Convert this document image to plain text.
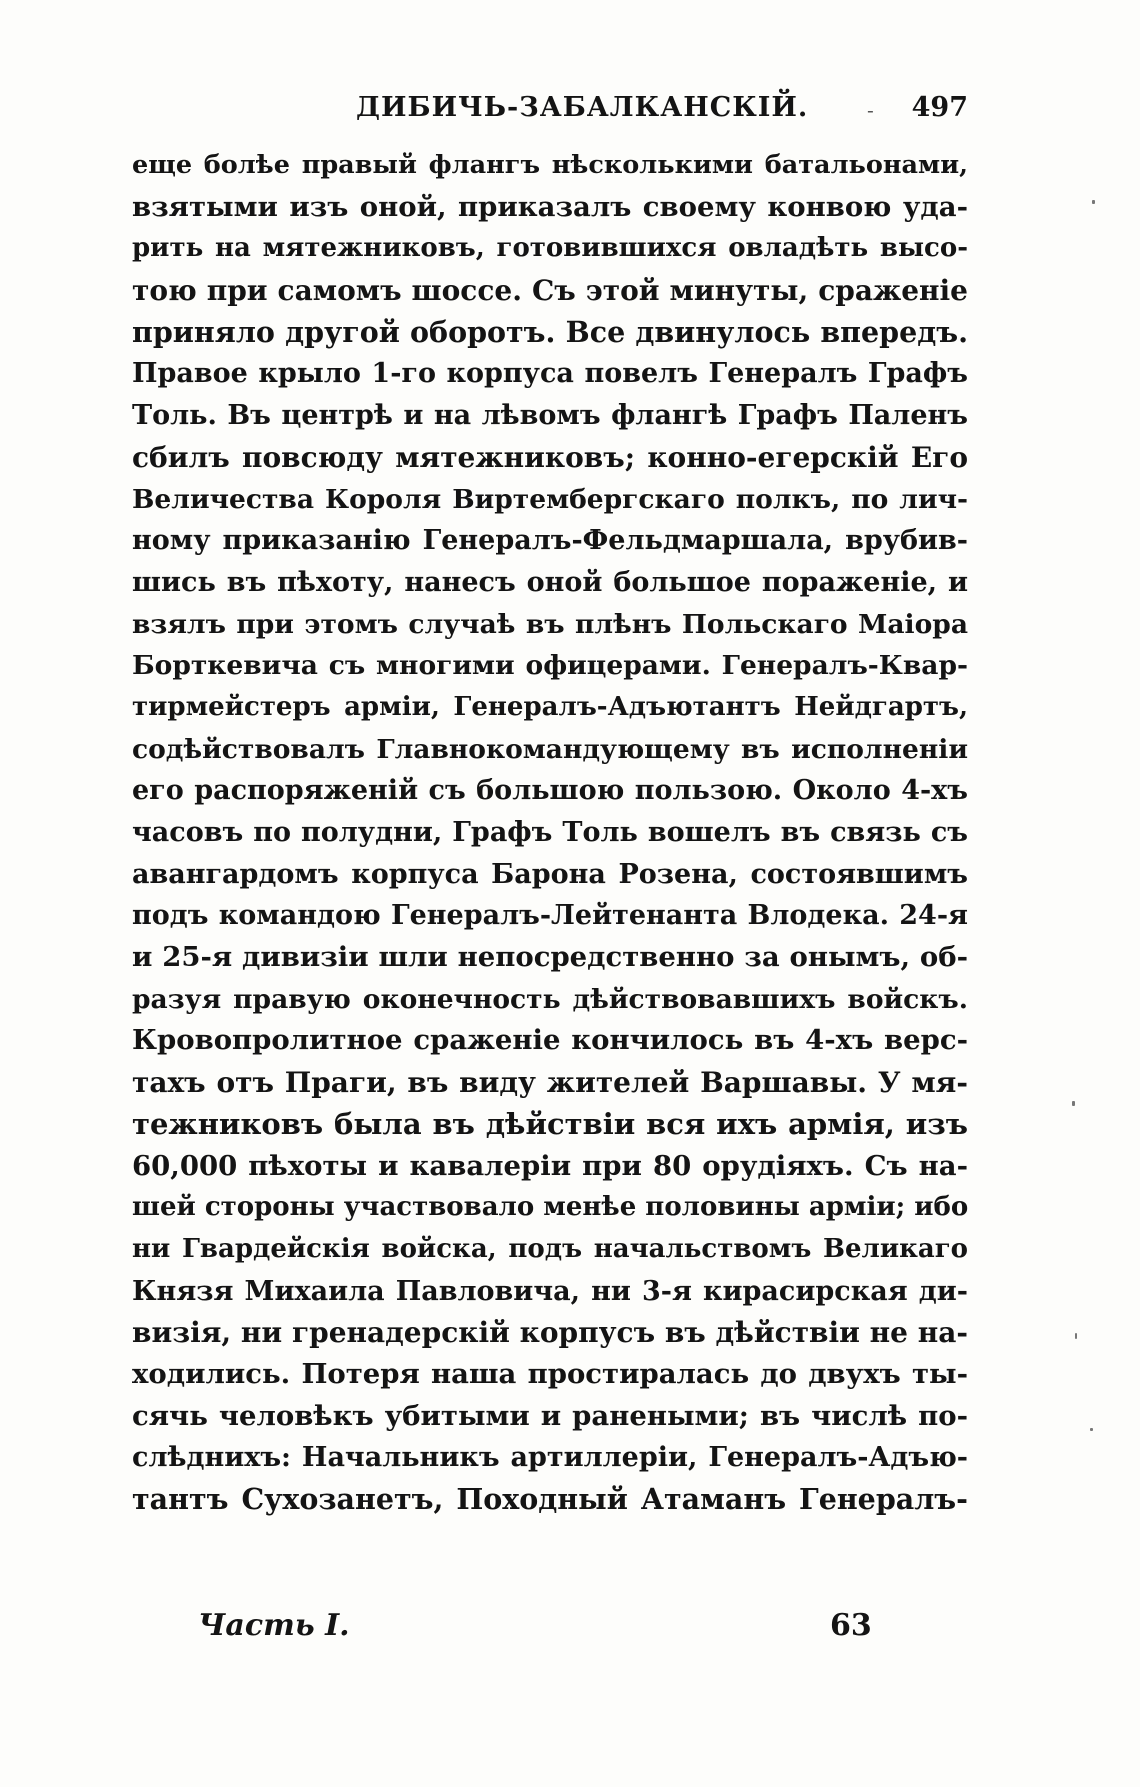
ДИБИЧЬ-ЗАБАЛКАНСКІЙ.	- 497
еще болѣе правый флангъ нѣсколькими батальонами,
взятыми изъ оной, приказалъ своему конвою уда-
рить на мятежниковъ, готовившихся овладѣть высо-
тою при самомъ шоссе. Съ этой минуты, сраженіе
приняло другой оборотъ. Все двинулось впередъ.
Правое крыло 1-го корпуса повелъ Генералъ Графъ
Толь. Въ центрѣ и на лѣвомъ флангѣ Графъ Паленъ
сбилъ повсюду мятежниковъ; конно-егерскій Его
Величества Короля Виртембергскаго полкъ, по лич-
ному приказанію Генералъ-Фельдмаршала, врубив-
шись въ пѣхоту, нанесъ оной большое пораженіе, и
взялъ при этомъ случаѣ въ плѣнъ Польскаго Маіора
Борткевича съ многими офицерами. Генералъ-Квар-
тирмейстеръ арміи, Генералъ-Адъютантъ Нейдгартъ,
содѣйствовалъ Главнокомандующему въ исполненіи
его распоряженій съ большою пользою. Около 4-хъ
часовъ по полудни, Графъ Толь вошелъ въ связь съ
авангардомъ корпуса Барона Розена, состоявшимъ
подъ командою Генералъ-Лейтенанта Влодека. 24-я
и 25-я дивизіи шли непосредственно за онымъ, об-
разуя правую оконечность дѣйствовавшихъ войскъ.
Кровопролитное сраженіе кончилось въ 4-хъ верс-
тахъ отъ Праги, въ виду жителей Варшавы. У мя-
тежниковъ была въ дѣйствіи вся ихъ армія, изъ
60,000 пѣхоты и кавалеріи при 80 орудіяхъ. Съ на-
шей стороны участвовало менѣе половины арміи; ибо
ни Гвардейскія войска, подъ начальствомъ Великаго
Князя Михаила Павловича, ни 3-я кирасирская ди-
визія, ни гренадерскій корпусъ въ дѣйствіи не на-
ходились. Потеря наша простиралась до двухъ ты-
сячь человѣкъ убитыми и ранеными; въ числѣ по-
слѣднихъ: Начальникъ артиллеріи, Генералъ-Адъю-
тантъ Сухозанетъ, Походный Атаманъ Генералъ-
Часть I.	63
